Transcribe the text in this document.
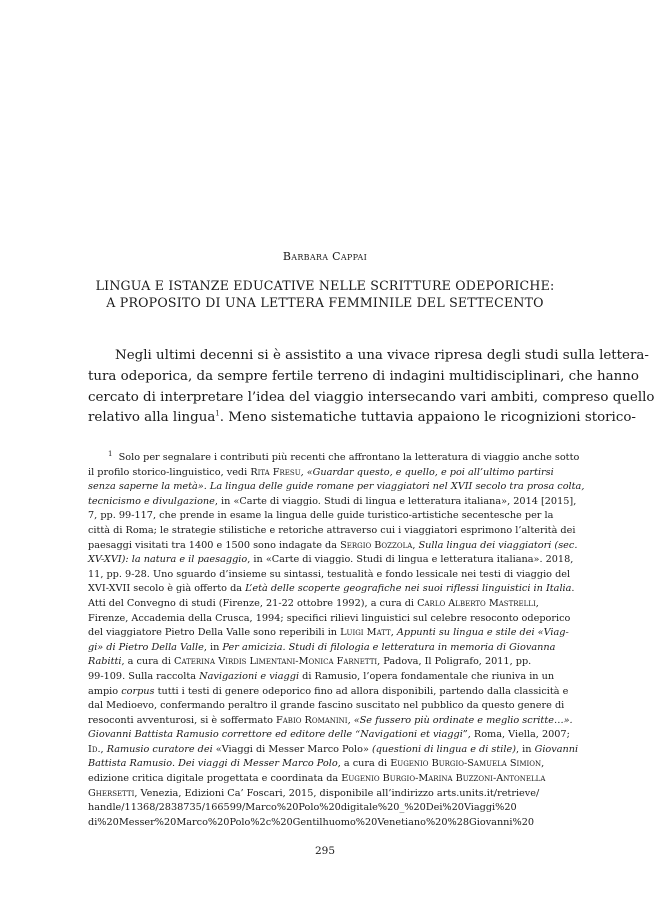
Barbara Cappai
LINGUA E ISTANZE EDUCATIVE NELLE SCRITTURE ODEPORICHE:
A PROPOSITO DI UNA LETTERA FEMMINILE DEL SETTECENTO
Negli ultimi decenni si è assistito a una vivace ripresa degli studi sulla lettera-
tura odeporica, da sempre fertile terreno di indagini multidisciplinari, che hanno
cercato di interpretare l’idea del viaggio intersecando vari ambiti, compreso quello
relativo alla lingua$^1$. Meno sistematiche tuttavia appaiono le ricognizioni storico-
$^1$ Solo per segnalare i contributi più recenti che affrontano la letteratura di viaggio anche sotto
il profilo storico-linguistico, vedi Rita Fresu, «Guardar questo, e quello, e poi all’ultimo partirsi
senza saperne la metà». La lingua delle guide romane per viaggiatori nel XVII secolo tra prosa colta,
tecnicismo e divulgazione, in «Carte di viaggio. Studi di lingua e letteratura italiana», 2014 [2015],
7, pp. 99-117, che prende in esame la lingua delle guide turistico-artistiche secentesche per la
città di Roma; le strategie stilistiche e retoriche attraverso cui i viaggiatori esprimono l’alterità dei
paesaggi visitati tra 1400 e 1500 sono indagate da Sergio Bozzola, Sulla lingua dei viaggiatori (sec.
XV-XVI): la natura e il paesaggio, in «Carte di viaggio. Studi di lingua e letteratura italiana». 2018,
11, pp. 9-28. Uno sguardo d’insieme su sintassi, testualità e fondo lessicale nei testi di viaggio del
XVI-XVII secolo è già offerto da L’età delle scoperte geografiche nei suoi riflessi linguistici in Italia.
Atti del Convegno di studi (Firenze, 21-22 ottobre 1992), a cura di Carlo Alberto Mastrelli,
Firenze, Accademia della Crusca, 1994; specifici rilievi linguistici sul celebre resoconto odeporico
del viaggiatore Pietro Della Valle sono reperibili in Luigi Matt, Appunti su lingua e stile dei «Viag-
gi» di Pietro Della Valle, in Per amicizia. Studi di filologia e letteratura in memoria di Giovanna
Rabitti, a cura di Caterina Virdis Limentani-Monica Farnetti, Padova, Il Poligrafo, 2011, pp.
99-109. Sulla raccolta Navigazioni e viaggi di Ramusio, l’opera fondamentale che riuniva in un
ampio corpus tutti i testi di genere odeporico fino ad allora disponibili, partendo dalla classicità e
dal Medioevo, confermando peraltro il grande fascino suscitato nel pubblico da questo genere di
resoconti avventurosi, si è soffermato Fabio Romanini, «Se fussero più ordinate e meglio scritte…».
Giovanni Battista Ramusio correttore ed editore delle “Navigationi et viaggi”, Roma, Viella, 2007;
Id., Ramusio curatore dei «Viaggi di Messer Marco Polo» (questioni di lingua e di stile), in Giovanni
Battista Ramusio. Dei viaggi di Messer Marco Polo, a cura di Eugenio Burgio-Samuela Simion,
edizione critica digitale progettata e coordinata da Eugenio Burgio-Marina Buzzoni-Antonella
Ghersetti, Venezia, Edizioni Ca’ Foscari, 2015, disponibile all’indirizzo arts.units.it/retrieve/
handle/11368/2838735/166599/Marco%20Polo%20digitale%20_%20Dei%20Viaggi%20
di%20Messer%20Marco%20Polo%2c%20Gentilhuomo%20Venetiano%20%28Giovanni%20
295
